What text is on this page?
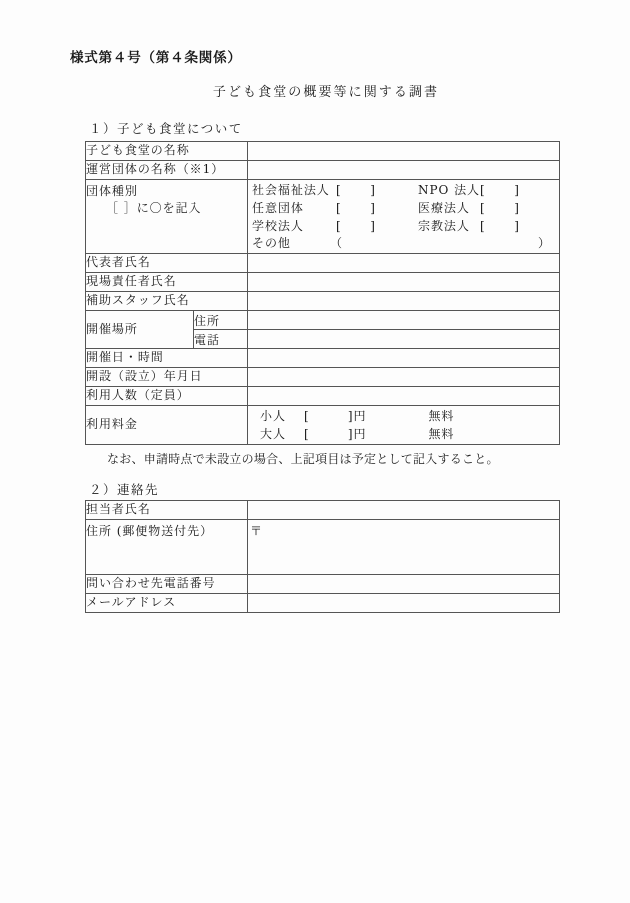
様式第４号（第４条関係）
子ども食堂の概要等に関する調書
１）子ども食堂について
子ども食堂の名称		
運営団体の名称（※1）		

団体種別
［ ］に〇を記入

社会福祉法人 [      ]	NPO 法人 [      ]
任意団体	[      ]	医療法人 [      ]
学校法人	[      ]	宗教法人 [      ]
その他	（	）

代表者氏名		
現場責任者氏名		
補助スタッフ氏名		
開催場所	住所	
	電話	
開催日・時間		
開設（設立）年月日		
利用人数（定員）		
利用料金	
小人	[        ]円	無料
大人	[        ]円	無料
なお、申請時点で未設立の場合、上記項目は予定として記入すること。
２）連絡先
担当者氏名	
住所 (郵便物送付先）	〒
問い合わせ先電話番号	
メールアドレス	
